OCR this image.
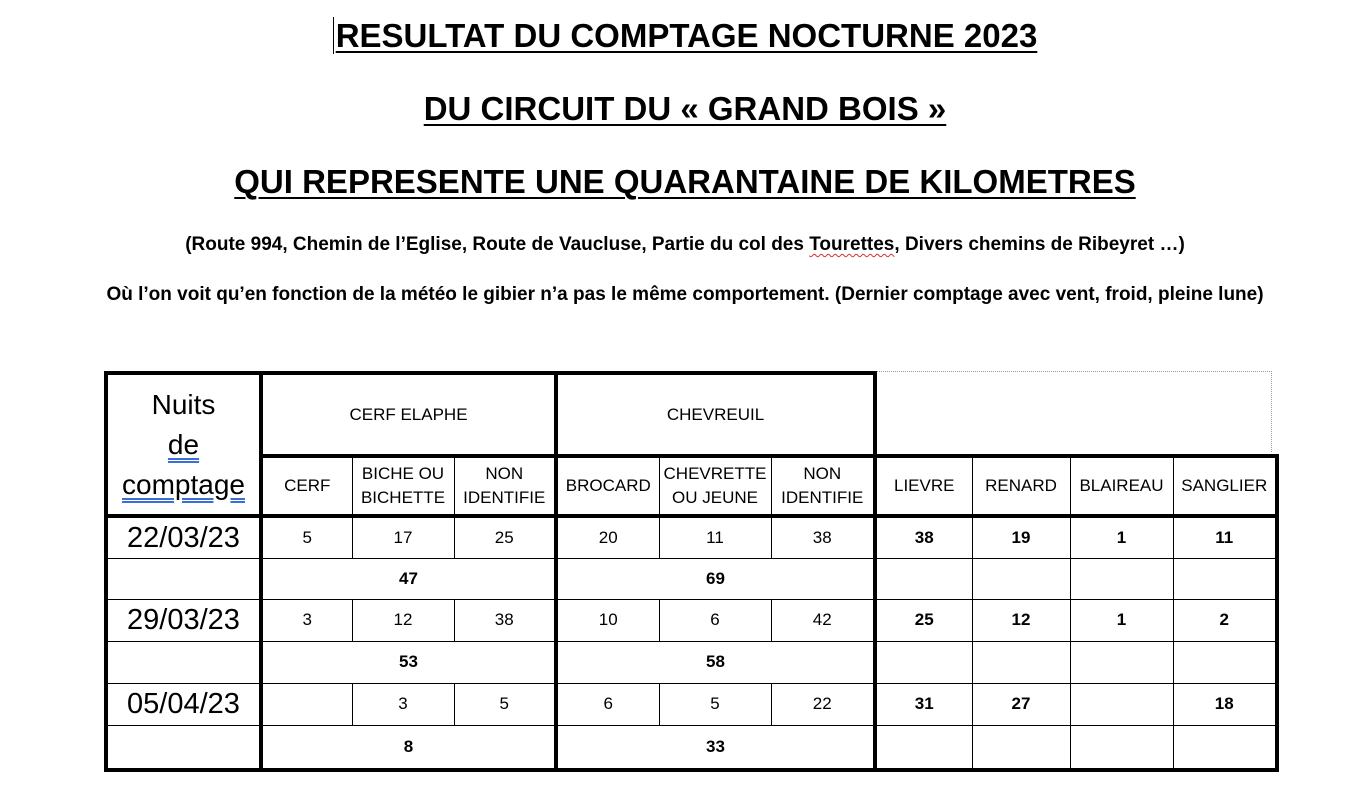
RESULTAT DU COMPTAGE NOCTURNE 2023
DU CIRCUIT DU « GRAND BOIS »
QUI REPRESENTE UNE QUARANTAINE DE KILOMETRES
(Route 994, Chemin de l’Eglise, Route de Vaucluse, Partie du col des Tourettes, Divers chemins de Ribeyret …)
Où l’on voit qu’en fonction de la météo le gibier n’a pas le même comportement. (Dernier comptage avec vent, froid, pleine lune)
Nuits
de
comptage	CERF ELAPHE			CHEVREUIL						
	CERF	BICHE OU BICHETTE	NON IDENTIFIE	BROCARD	CHEVRETTE OU JEUNE	NON IDENTIFIE	LIEVRE	RENARD	BLAIREAU	SANGLIER
22/03/23	5	17	25	20	11	38	38	19	1	11
	47			69						
29/03/23	3	12	38	10	6	42	25	12	1	2
	53			58						
05/04/23		3	5	6	5	22	31	27		18
	8			33						
